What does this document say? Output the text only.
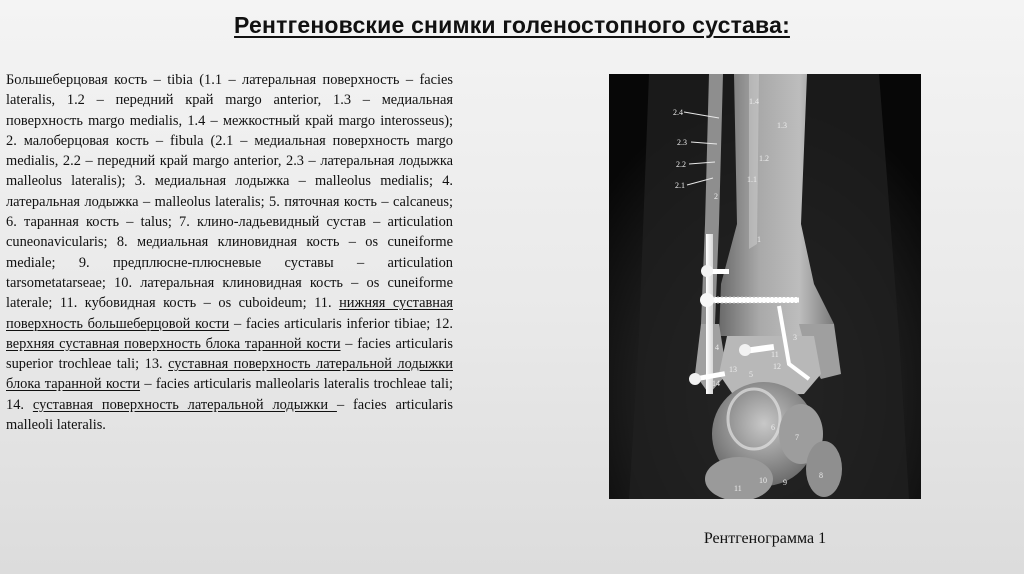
Рентгеновские снимки голеностопного сустава:

Большеберцовая кость – tibia (1.1 – латеральная поверхность ‒ facies lateralis, 1.2 ‒ передний край margo anterior, 1.3 – медиальная поверхность margo medialis, 1.4 ‒ межкостный край margo interosseus); 2. малоберцовая кость – fibula (2.1 – медиальная поверхность margo medialis, 2.2 – передний край margo anterior, 2.3 – латеральная лодыжка malleolus lateralis); 3. медиальная лодыжка – malleolus medialis; 4. латеральная лодыжка – malleolus lateralis; 5. пяточная кость – calcaneus; 6. таранная кость – talus; 7. клино-ладьевидный сустав – articulation cuneonavicularis; 8. медиальная клиновидная кость – os cuneiforme mediale; 9. предплюсне-плюсневые суставы – articulation tarsometatarseae; 10. латеральная клиновидная кость – os cuneiforme laterale; 11. кубовидная кость – os cuboideum; 11. нижняя суставная поверхность большеберцовой кости – facies articularis inferior tibiae; 12. верхняя суставная поверхность блока таранной кости ‒ facies articularis superior trochleae tali; 13. суставная поверхность латеральной лодыжки блока таранной кости ‒ facies articularis malleolaris lateralis trochleae tali; 14. суставная поверхность латеральной лодыжки ‒ facies articularis malleoli lateralis.

1.4
1.3
1.2
1.1
1
2.4
2.3
2.2
2.1
2
3
4
5
6
7
8
9
10
11
11
12
13
14
Рентгенограмма 1
